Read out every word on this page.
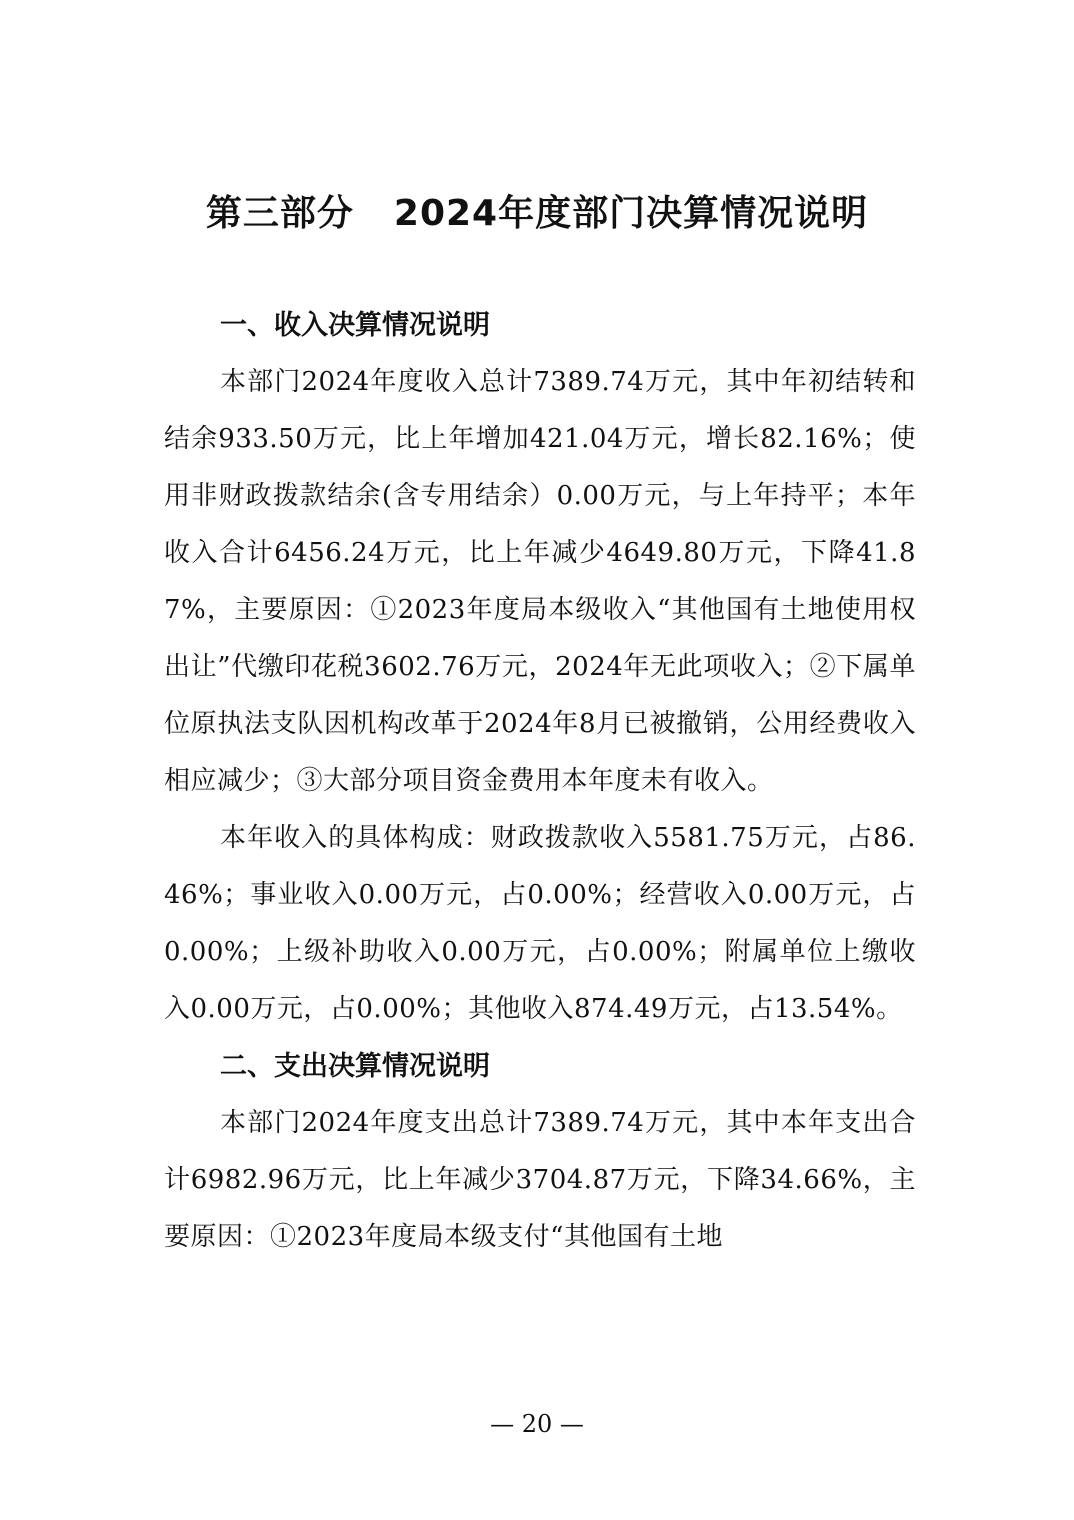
第三部分 2024年度部门决算情况说明
一、收入决算情况说明

本部门2024年度收入总计7389.74万元，其中年初结转和结余933.50万元，比上年增加421.04万元，增长82.16%；使用非财政拨款结余(含专用结余）0.00万元，与上年持平；本年收入合计6456.24万元，比上年减少4649.80万元，下降41.87%，主要原因：①2023年度局本级收入“其他国有土地使用权出让”代缴印花税3602.76万元，2024年无此项收入；②下属单位原执法支队因机构改革于2024年8月已被撤销，公用经费收入相应减少；③大部分项目资金费用本年度未有收入。

本年收入的具体构成：财政拨款收入5581.75万元，占86.46%；事业收入0.00万元，占0.00%；经营收入0.00万元，占0.00%；上级补助收入0.00万元，占0.00%；附属单位上缴收入0.00万元，占0.00%；其他收入874.49万元，占13.54%。

二、支出决算情况说明

本部门2024年度支出总计7389.74万元，其中本年支出合计6982.96万元，比上年减少3704.87万元，下降34.66%，主要原因：①2023年度局本级支付“其他国有土地

— 20 —
